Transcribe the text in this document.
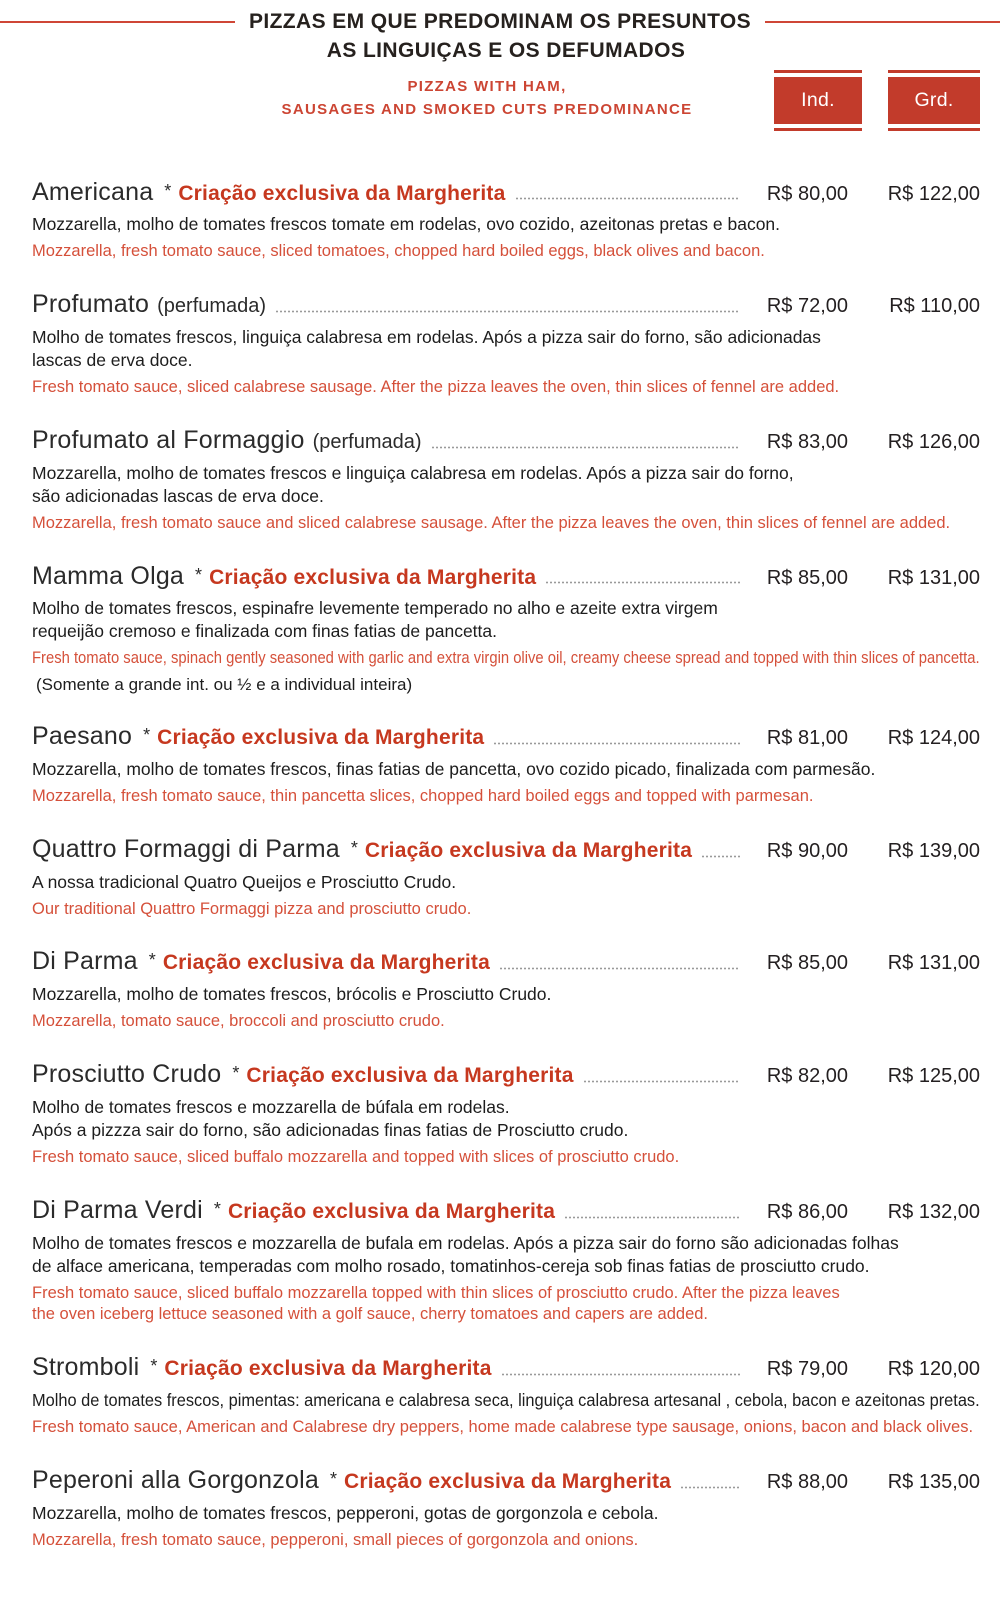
PIZZAS EM QUE PREDOMINAM OS PRESUNTOS
AS LINGUIÇAS E OS DEFUMADOS
PIZZAS WITH HAM,
SAUSAGES AND SMOKED CUTS PREDOMINANCE	Ind.	Grd.
Americana * Criação exclusiva da Margherita	R$ 80,00	R$ 122,00
Mozzarella, molho de tomates frescos tomate em rodelas, ovo cozido, azeitonas pretas e bacon.
Mozzarella, fresh tomato sauce, sliced tomatoes, chopped hard boiled eggs, black olives and bacon.
Profumato (perfumada)	R$ 72,00	R$ 110,00
Molho de tomates frescos, linguiça calabresa em rodelas. Após a pizza sair do forno, são adicionadas
lascas de erva doce.
Fresh tomato sauce, sliced calabrese sausage. After the pizza leaves the oven, thin slices of fennel are added.
Profumato al Formaggio (perfumada)	R$ 83,00	R$ 126,00
Mozzarella, molho de tomates frescos e linguiça calabresa em rodelas. Após a pizza sair do forno,
são adicionadas lascas de erva doce.
Mozzarella, fresh tomato sauce and sliced calabrese sausage. After the pizza leaves the oven, thin slices of fennel are added.
Mamma Olga * Criação exclusiva da Margherita	R$ 85,00	R$ 131,00
Molho de tomates frescos, espinafre levemente temperado no alho e azeite extra virgem
requeijão cremoso e finalizada com finas fatias de pancetta.
Fresh tomato sauce, spinach gently seasoned with garlic and extra virgin olive oil, creamy cheese spread and topped with thin slices of pancetta.
(Somente a grande int. ou ½ e a individual inteira)
Paesano * Criação exclusiva da Margherita	R$ 81,00	R$ 124,00
Mozzarella, molho de tomates frescos, finas fatias de pancetta, ovo cozido picado, finalizada com parmesão.
Mozzarella, fresh tomato sauce, thin pancetta slices, chopped hard boiled eggs and topped with parmesan.
Quattro Formaggi di Parma * Criação exclusiva da Margherita	R$ 90,00	R$ 139,00
A nossa tradicional Quatro Queijos e Prosciutto Crudo.
Our traditional Quattro Formaggi pizza and prosciutto crudo.
Di Parma * Criação exclusiva da Margherita	R$ 85,00	R$ 131,00
Mozzarella, molho de tomates frescos, brócolis e Prosciutto Crudo.
Mozzarella, tomato sauce, broccoli and prosciutto crudo.
Prosciutto Crudo * Criação exclusiva da Margherita	R$ 82,00	R$ 125,00
Molho de tomates frescos e mozzarella de búfala em rodelas.
Após a pizzza sair do forno, são adicionadas finas fatias de Prosciutto crudo.
Fresh tomato sauce, sliced buffalo mozzarella and topped with slices of prosciutto crudo.
Di Parma Verdi * Criação exclusiva da Margherita	R$ 86,00	R$ 132,00
Molho de tomates frescos e mozzarella de bufala em rodelas. Após a pizza sair do forno são adicionadas folhas
de alface americana, temperadas com molho rosado, tomatinhos-cereja sob finas fatias de prosciutto crudo.
Fresh tomato sauce, sliced buffalo mozzarella topped with thin slices of prosciutto crudo. After the pizza leaves
the oven iceberg lettuce seasoned with a golf sauce, cherry tomatoes and capers are added.
Stromboli * Criação exclusiva da Margherita	R$ 79,00	R$ 120,00
Molho de tomates frescos, pimentas: americana e calabresa seca, linguiça calabresa artesanal , cebola, bacon e azeitonas pretas.
Fresh tomato sauce, American and Calabrese dry peppers, home made calabrese type sausage, onions, bacon and black olives.
Peperoni alla Gorgonzola * Criação exclusiva da Margherita	R$ 88,00	R$ 135,00
Mozzarella, molho de tomates frescos, pepperoni, gotas de gorgonzola e cebola.
Mozzarella, fresh tomato sauce, pepperoni, small pieces of gorgonzola and onions.
